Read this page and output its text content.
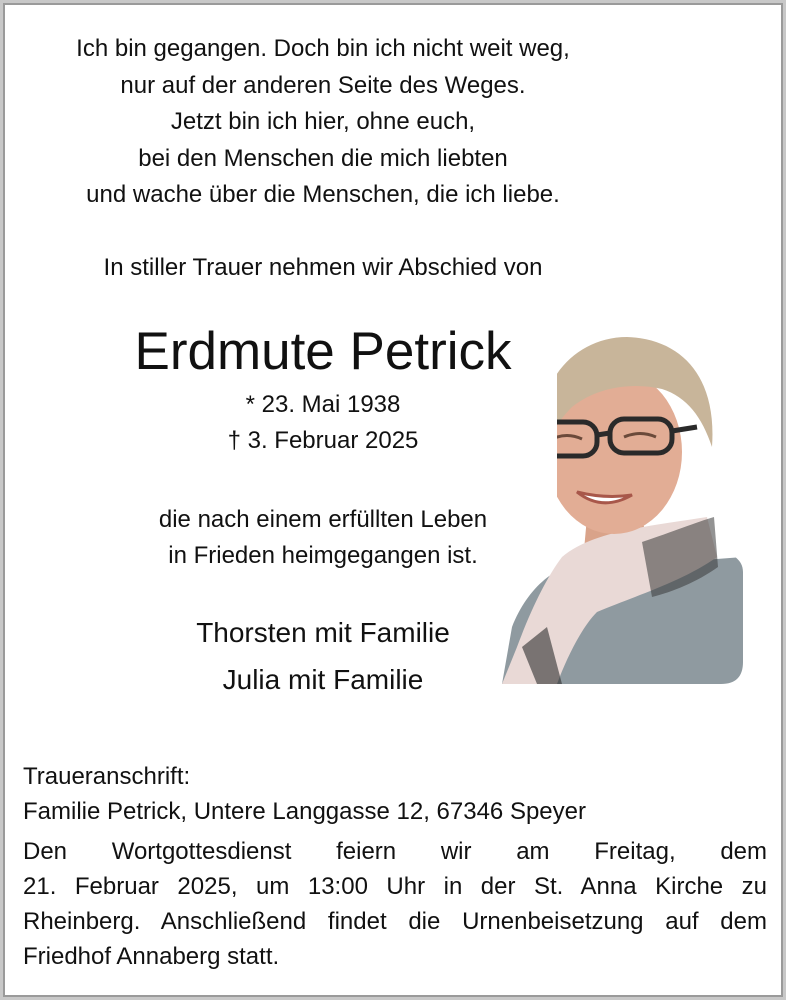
Ich bin gegangen. Doch bin ich nicht weit weg,
nur auf der anderen Seite des Weges.
Jetzt bin ich hier, ohne euch,
bei den Menschen die mich liebten
und wache über die Menschen, die ich liebe.
In stiller Trauer nehmen wir Abschied von
Erdmute Petrick
* 23. Mai 1938
† 3. Februar 2025
die nach einem erfüllten Leben
in Frieden heimgegangen ist.
Thorsten mit Familie
Julia mit Familie
Traueranschrift:
Familie Petrick, Untere Langgasse 12, 67346 Speyer
Den Wortgottesdienst feiern wir am Freitag, dem
21. Februar 2025, um 13:00 Uhr in der St. Anna Kirche zu
Rheinberg. Anschließend findet die Urnenbeisetzung auf dem
Friedhof Annaberg statt.
